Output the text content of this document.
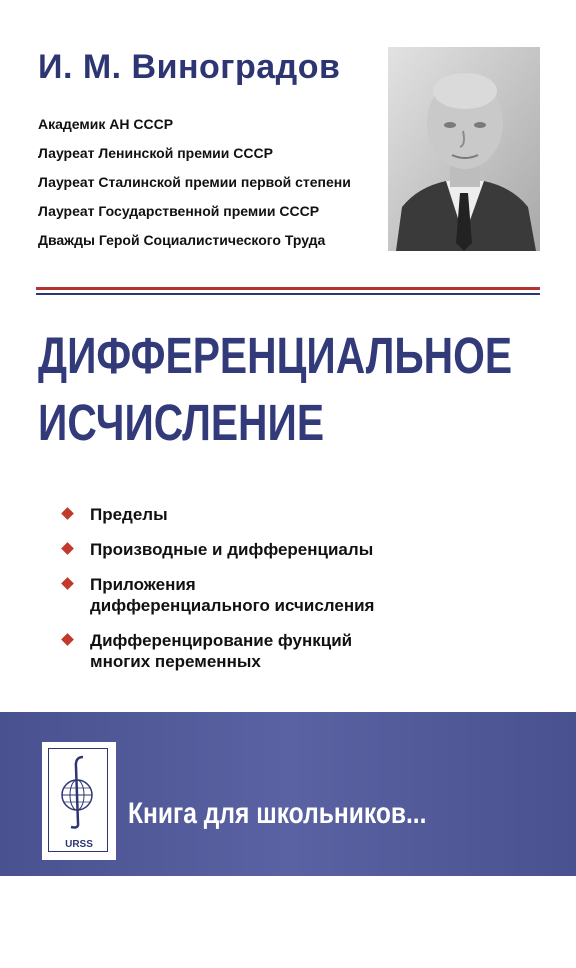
И. М. Виноградов
Академик АН СССР
Лауреат Ленинской премии СССР
Лауреат Сталинской премии первой степени
Лауреат Государственной премии СССР
Дважды Герой Социалистического Труда
ДИФФЕРЕНЦИАЛЬНОЕ
ИСЧИСЛЕНИЕ
Пределы
Производные и дифференциалы
Приложения
дифференциального исчисления
Дифференцирование функций
многих переменных
URSS

Книга для школьников...

И НЕ ТОЛЬКО!
